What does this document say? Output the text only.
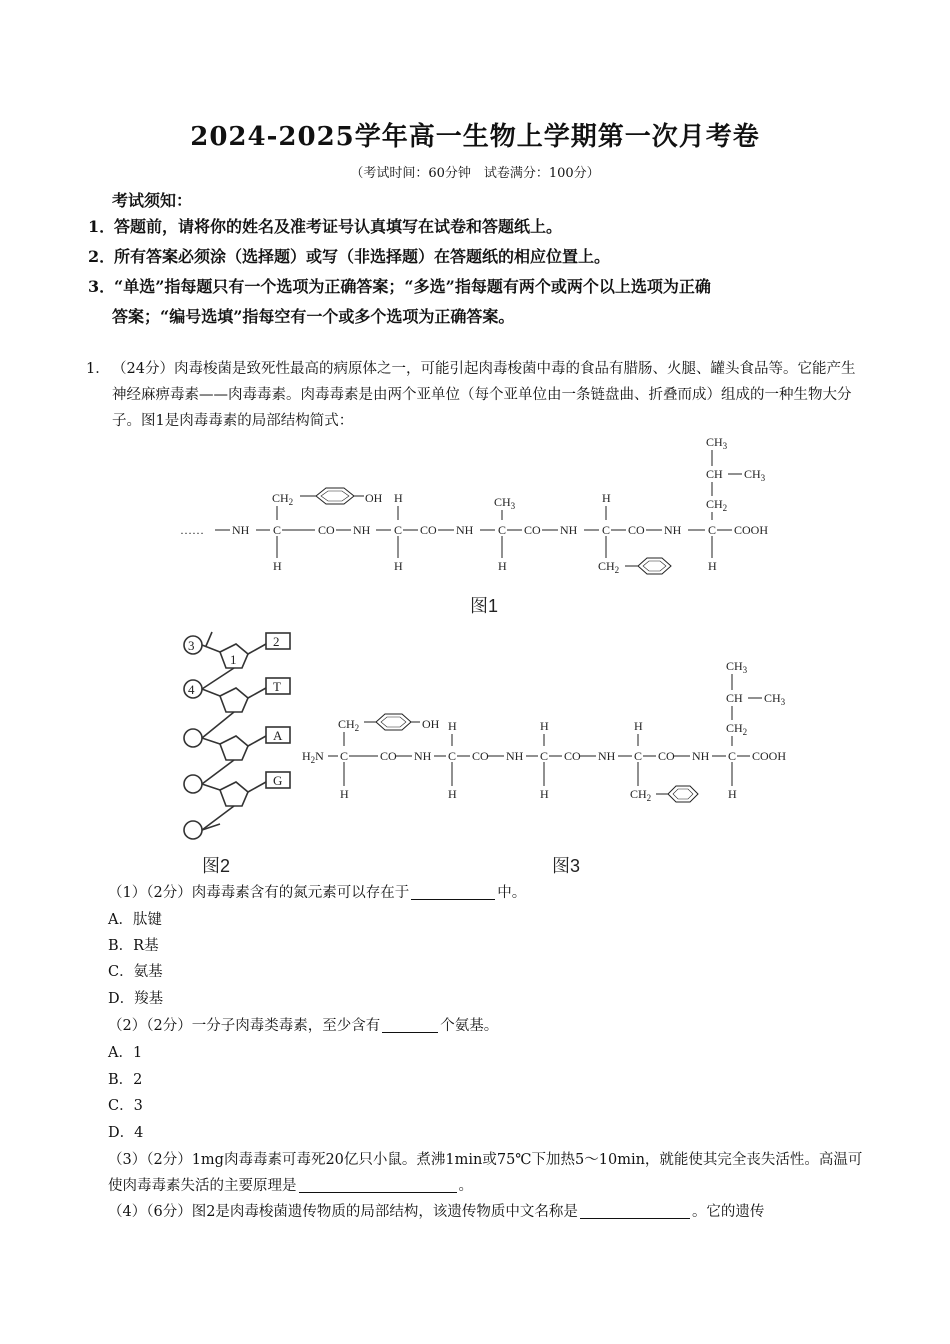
2024-2025学年高一生物上学期第一次月考卷
（考试时间：60分钟　试卷满分：100分）
考试须知：
1．答题前，请将你的姓名及准考证号认真填写在试卷和答题纸上。
2．所有答案必须涂（选择题）或写（非选择题）在答题纸的相应位置上。
3．“单选”指每题只有一个选项为正确答案；“多选”指每题有两个或两个以上选项为正确
答案；“编号选填”指每空有一个或多个选项为正确答案。
1． （24分）肉毒梭菌是致死性最高的病原体之一，可能引起肉毒梭菌中毒的食品有腊肠、火腿、罐头食品等。它能产生神经麻痹毒素——肉毒毒素。肉毒毒素是由两个亚单位（每个亚单位由一条链盘曲、折叠而成）组成的一种生物大分子。图1是肉毒毒素的局部结构简式：
…… NH C	CO NH C CO NH C CO NH C CO NH C COOH
H
H
H	H
H
H
$CH_2$	OH	$CH_3$
$CH_2$
$CH_3$
CH $CH_3$
$CH_2$
图1
3
4
1
2
T
A
G
图2
$H_2N$ C	CO NH C CO NH C CO NH C CO NH C COOH
H
H
H
H
H
H
H
$CH_2$	OH
$CH_2$
$CH_3$
CH $CH_3$
$CH_2$
图3
（1）（2分）肉毒毒素含有的氮元素可以存在于	中。
A．肽键
B．R基
C．氨基
D．羧基
（2）（2分）一分子肉毒类毒素，至少含有	个氨基。
A．1
B．2
C．3
D．4
（3）（2分）1mg肉毒毒素可毒死20亿只小鼠。煮沸1min或75℃下加热5～10min，就能使其完全丧失活性。高温可使肉毒毒素失活的主要原理是	。
（4）（6分）图2是肉毒梭菌遗传物质的局部结构，该遗传物质中文名称是	。它的遗传
